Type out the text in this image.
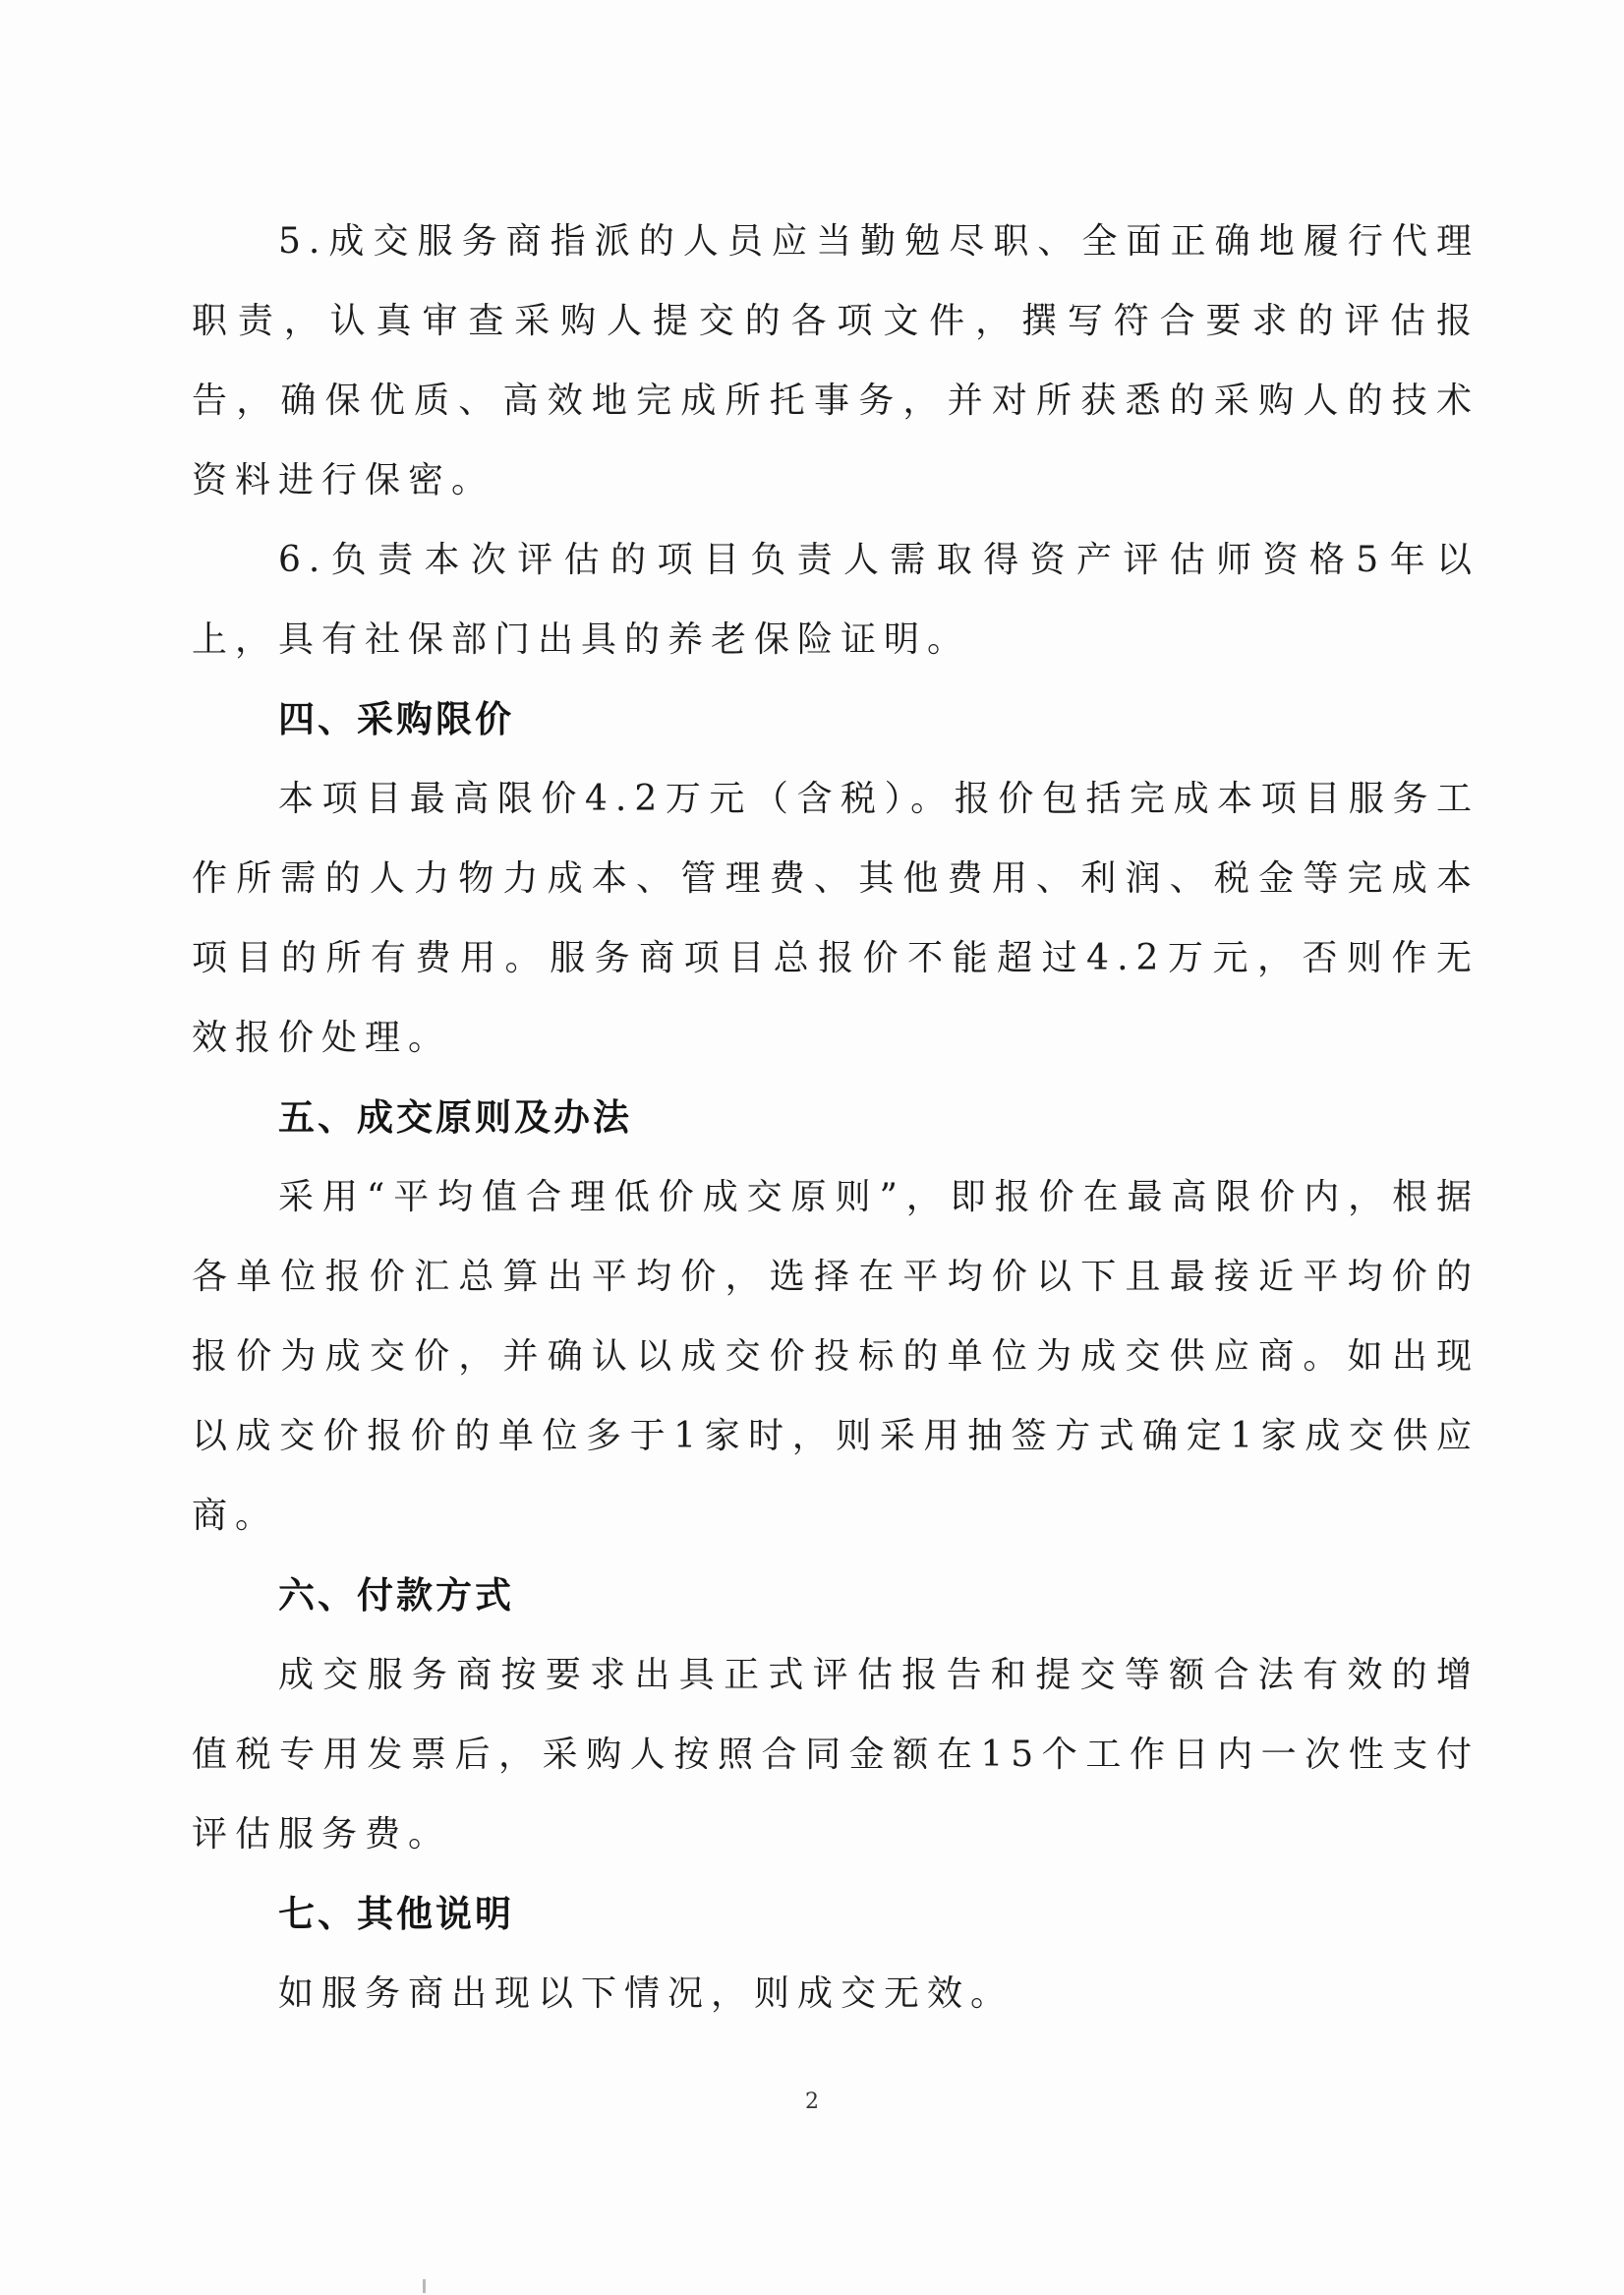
5.成交服务商指派的人员应当勤勉尽职、全面正确地履行代理职责，认真审查采购人提交的各项文件，撰写符合要求的评估报告，确保优质、高效地完成所托事务，并对所获悉的采购人的技术资料进行保密。

6.负责本次评估的项目负责人需取得资产评估师资格5年以上，具有社保部门出具的养老保险证明。

四、采购限价

本项目最高限价4.2万元（含税）。报价包括完成本项目服务工作所需的人力物力成本、管理费、其他费用、利润、税金等完成本项目的所有费用。服务商项目总报价不能超过4.2万元，否则作无效报价处理。

五、成交原则及办法

采用“平均值合理低价成交原则”，即报价在最高限价内，根据各单位报价汇总算出平均价，选择在平均价以下且最接近平均价的报价为成交价，并确认以成交价投标的单位为成交供应商。如出现以成交价报价的单位多于1家时，则采用抽签方式确定1家成交供应商。

六、付款方式

成交服务商按要求出具正式评估报告和提交等额合法有效的增值税专用发票后，采购人按照合同金额在15个工作日内一次性支付评估服务费。

七、其他说明

如服务商出现以下情况，则成交无效。

2
